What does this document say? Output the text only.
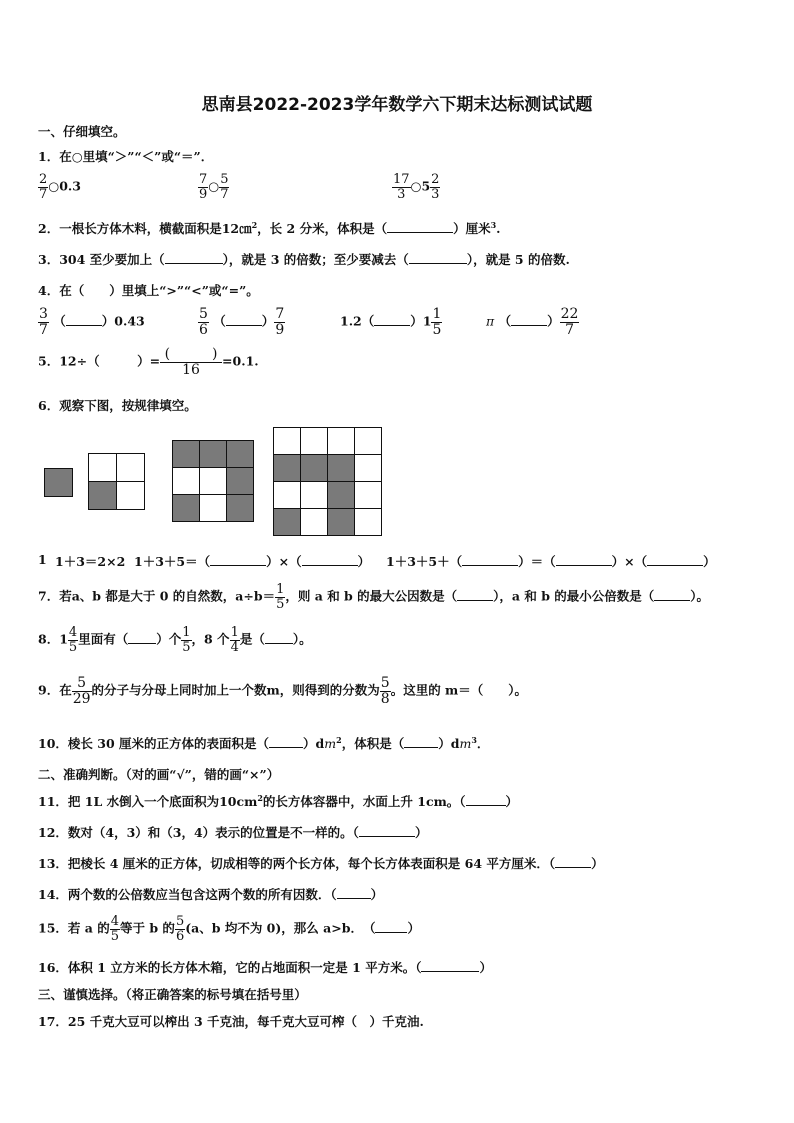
思南县2022-2023学年数学六下期末达标测试试题
一、仔细填空。
1．在○里填“＞”“＜”或“＝”．
$\frac{2}{7}$ ○0.3	$\frac{7}{9}$ ○ $\frac{5}{7}$	$\frac{17}{3}$ ○5 $\frac{2}{3}$
2．一根长方体木料，横截面积是12㎝$^2$，长 2 分米，体积是（	）厘米$^3$.
3．304 至少要加上（	），就是 3 的倍数；至少要减去（	），就是 5 的倍数.
4．在（　　）里填上“>”“<”或“=”。
$\frac{3}{7}$ （	）0.43	$\frac{5}{6}$ （	） $\frac{7}{9}$	1.2（	）$1 \frac{1}{5}$	π （	） $\frac{22}{7}$
5．12÷（　　　）= $\frac{( )}{16} =0.1$.
6．观察下图，按规律填空。
1 1＋3＝2×2 1＋3＋5＝（	）×（	） 1＋3＋5＋（	）＝（	）×（	）
7．若a、b 都是大于 0 的自然数，$a\div b= \frac{1}{5}$ ，则 a 和 b 的最大公因数是（	），a 和 b 的最小公倍数是（	）。
8．$1 \frac{4}{5}$ 里面有（ ）个 $\frac{1}{5}$ ，8 个 $\frac{1}{4}$ 是（ ）。
9．在 $\frac{5}{29}$ 的分子与分母上同时加上一个数m，则得到的分数为 $\frac{5}{8}$ 。这里的 m＝（　　）。
10．棱长 30 厘米的正方体的表面积是（	）$dm^2$，体积是（	）$dm^3$．
二、准确判断。（对的画“√”，错的画“×”）
11．把 1L 水倒入一个底面积为$10cm^2$的长方体容器中，水面上升 1cm。（	）
12．数对（4，3）和（3，4）表示的位置是不一样的。（	）
13．把棱长 4 厘米的正方体，切成相等的两个长方体，每个长方体表面积是 64 平方厘米．（	）
14．两个数的公倍数应当包含这两个数的所有因数．（	）
15．若 a 的 $\frac{4}{5}$ 等于 b 的 $\frac{5}{6} (a$、b 均不为 0)，那么 a>b．　（	）
16．体积 1 立方米的长方体木箱，它的占地面积一定是 1 平方米。（	）
三、谨慎选择。（将正确答案的标号填在括号里）
17．25 千克大豆可以榨出 3 千克油，每千克大豆可榨（　）千克油.
